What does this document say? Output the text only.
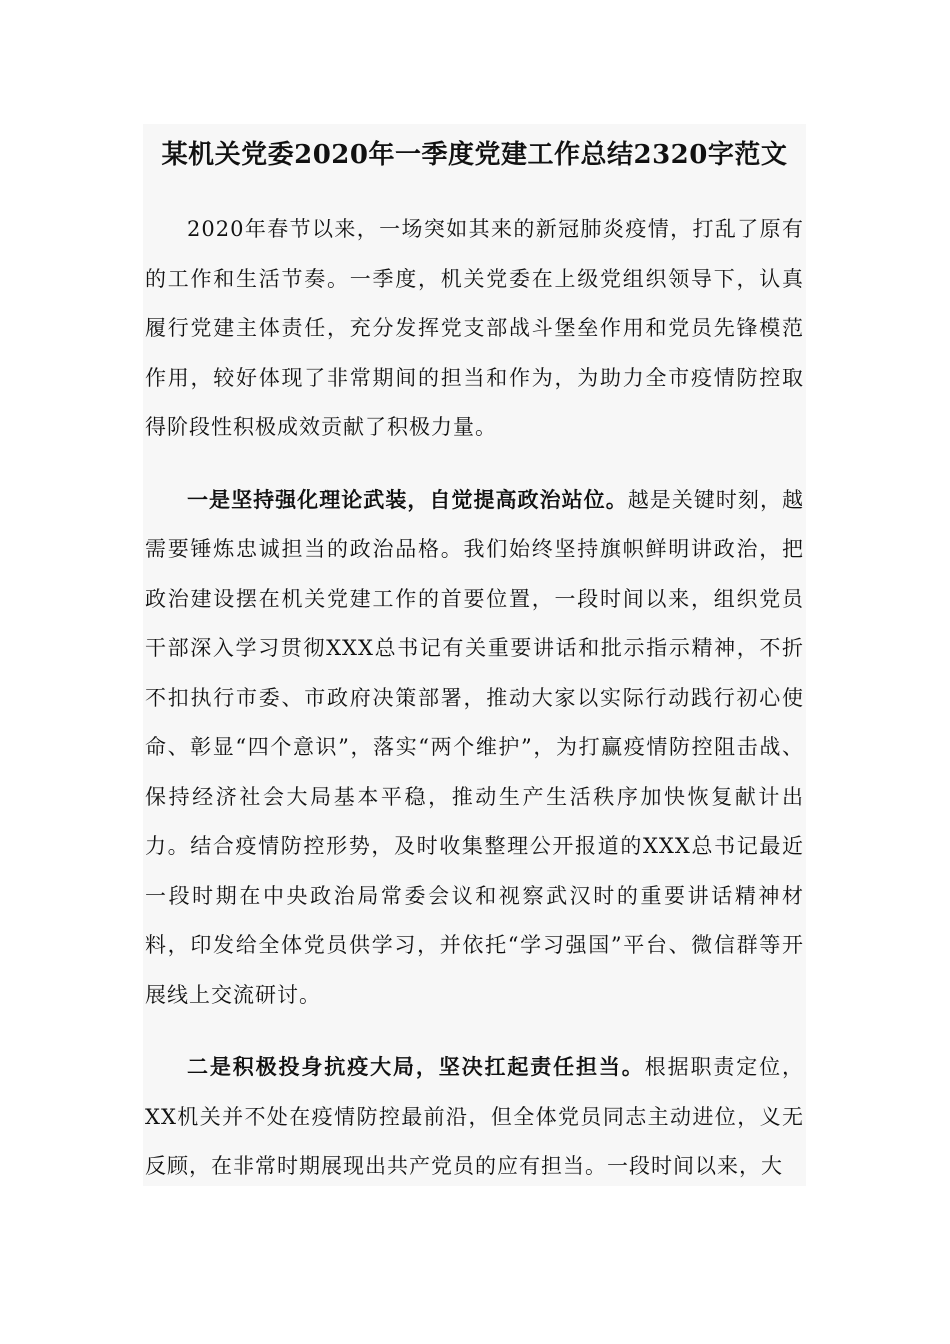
某机关党委2020年一季度党建工作总结2320字范文

2020年春节以来，一场突如其来的新冠肺炎疫情，打乱了原有的工作和生活节奏。一季度，机关党委在上级党组织领导下，认真履行党建主体责任，充分发挥党支部战斗堡垒作用和党员先锋模范作用，较好体现了非常期间的担当和作为，为助力全市疫情防控取得阶段性积极成效贡献了积极力量。

一是坚持强化理论武装，自觉提高政治站位。越是关键时刻，越需要锤炼忠诚担当的政治品格。我们始终坚持旗帜鲜明讲政治，把政治建设摆在机关党建工作的首要位置，一段时间以来，组织党员干部深入学习贯彻XXX总书记有关重要讲话和批示指示精神，不折不扣执行市委、市政府决策部署，推动大家以实际行动践行初心使命、彰显“四个意识”，落实“两个维护”，为打赢疫情防控阻击战、保持经济社会大局基本平稳，推动生产生活秩序加快恢复献计出力。结合疫情防控形势，及时收集整理公开报道的XXX总书记最近一段时期在中央政治局常委会议和视察武汉时的重要讲话精神材料，印发给全体党员供学习，并依托“学习强国”平台、微信群等开展线上交流研讨。

二是积极投身抗疫大局，坚决扛起责任担当。根据职责定位，XX机关并不处在疫情防控最前沿，但全体党员同志主动进位，义无反顾，在非常时期展现出共产党员的应有担当。一段时间以来，大
